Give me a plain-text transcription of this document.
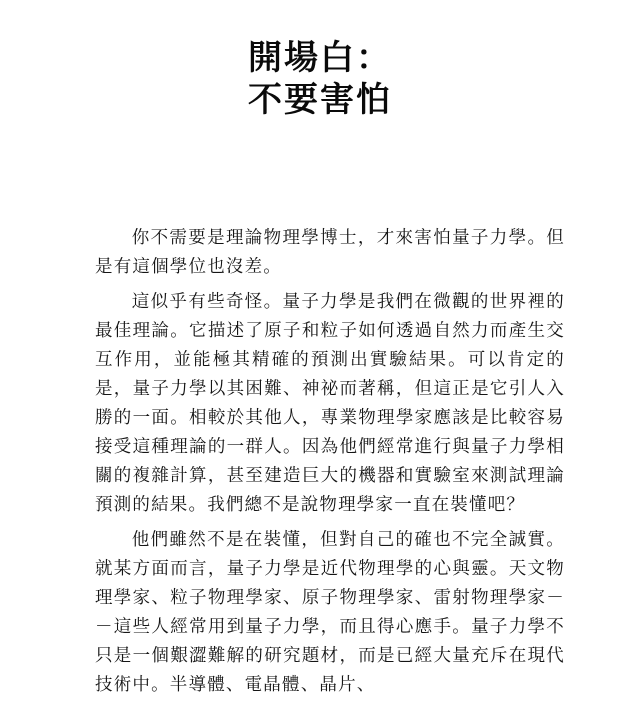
開場白：
不要害怕

你不需要是理論物理學博士，才來害怕量子力學。但是有這個學位也沒差。

這似乎有些奇怪。量子力學是我們在微觀的世界裡的最佳理論。它描述了原子和粒子如何透過自然力而產生交互作用，並能極其精確的預測出實驗結果。可以肯定的是，量子力學以其困難、神祕而著稱，但這正是它引人入勝的一面。相較於其他人，專業物理學家應該是比較容易接受這種理論的一群人。因為他們經常進行與量子力學相關的複雜計算，甚至建造巨大的機器和實驗室來測試理論預測的結果。我們總不是說物理學家一直在裝懂吧？

他們雖然不是在裝懂，但對自己的確也不完全誠實。就某方面而言，量子力學是近代物理學的心與靈。天文物理學家、粒子物理學家、原子物理學家、雷射物理學家－－這些人經常用到量子力學，而且得心應手。量子力學不只是一個艱澀難解的研究題材，而是已經大量充斥在現代技術中。半導體、電晶體、晶片、
